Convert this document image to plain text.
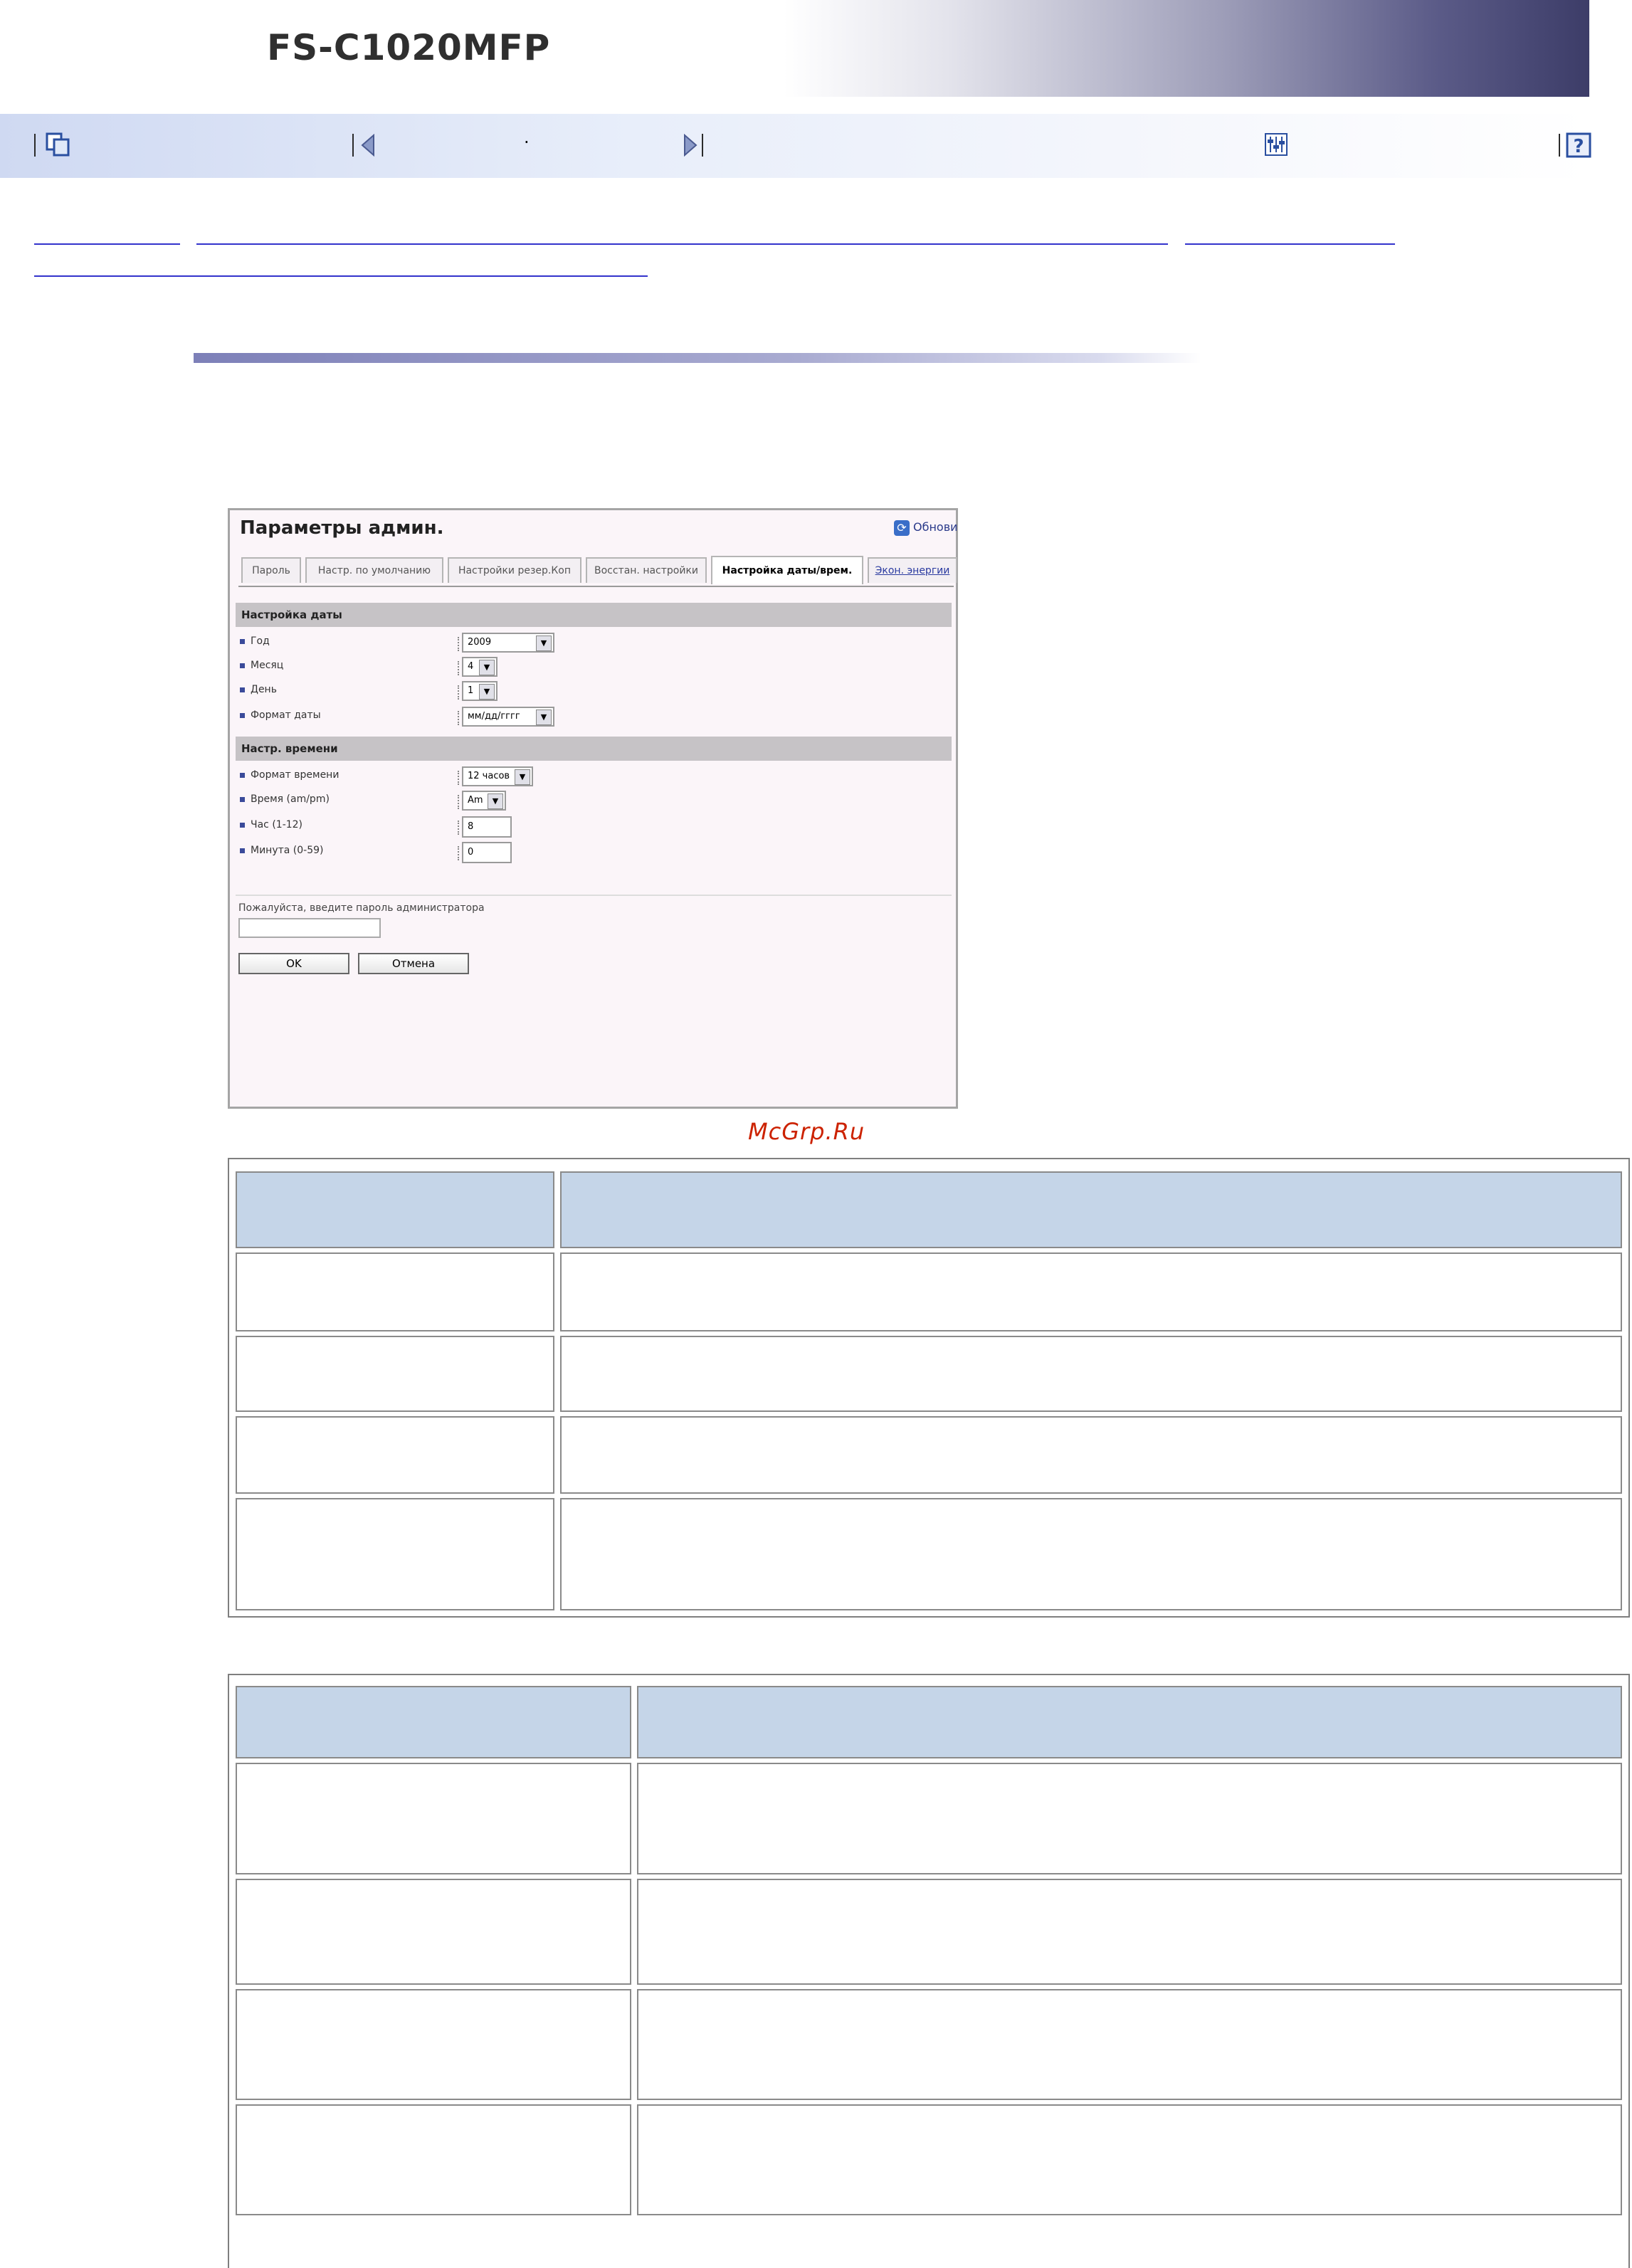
FS-C1020MFP
·	?
Параметры админ.	⟳ Обнови
Пароль	Настр. по умолчанию	Настройки резер.Коп	Восстан. настройки	Настройка даты/врем.	Экон. энергии
Настройка даты
Год	2009	▼
Месяц	4	▼
День	1	▼
Формат даты	мм/дд/гггг	▼
Настр. времени
Формат времени	12 часов	▼
Время (am/pm)	Am	▼
Час (1-12)	8
Минута (0-59)	0
Пожалуйста, введите пароль администратора
OK	Отмена
McGrp.Ru
